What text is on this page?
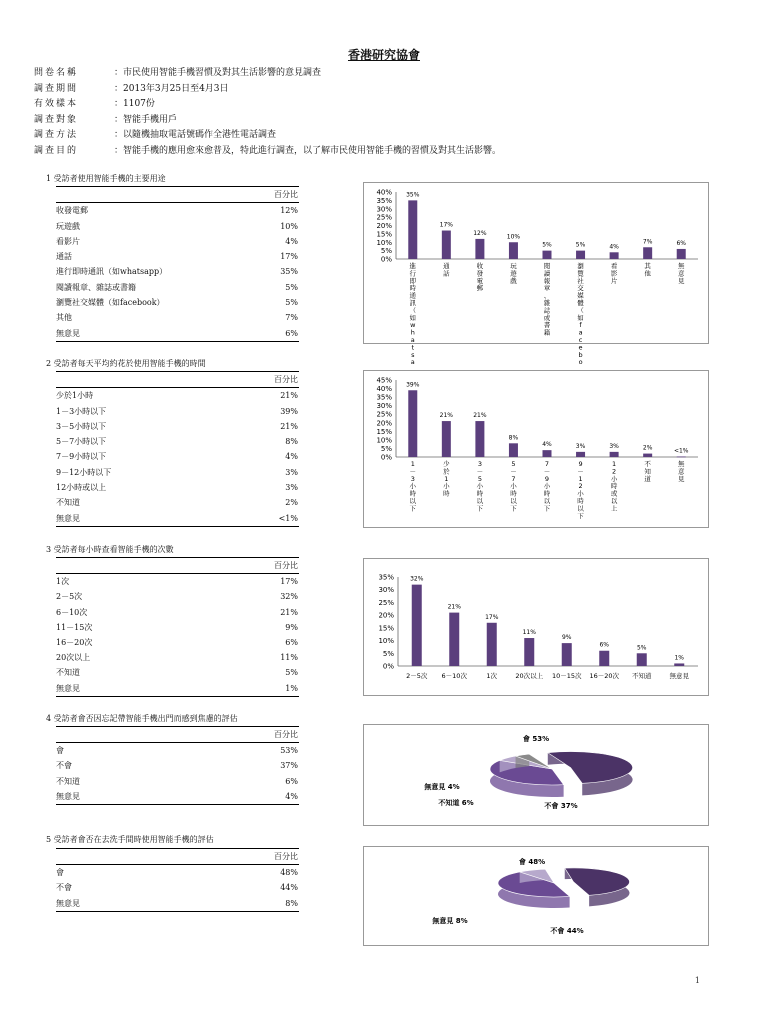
香港研究協會
問卷名稱	：市民使用智能手機習慣及對其生活影響的意見調查
調查期間	：2013年3月25日至4月3日
有效樣本	：1107份
調查對象	：智能手機用戶
調查方法	：以隨機抽取電話號碼作全港性電話調查
調查目的	：智能手機的應用愈來愈普及，特此進行調查，以了解市民使用智能手機的習慣及對其生活影響。
1 受訪者使用智能手機的主要用途
百分比
收發電郵	12%
玩遊戲	10%
看影片	4%
通話	17%
進行即時通訊（如whatsapp）	35%
閱讀報章、雜誌或書籍	5%
瀏覽社交媒體（如facebook）	5%
其他	7%
無意見	6%
0%
5%
10%
15%
20%
25%
30%
35%
40% 35%
進行即時通訊（如 w h a t s a
17%
通話
12%
收發電郵
10%
玩遊戲
5%
閱讀報章、雜誌或書籍
5%
瀏覽社交媒體（如 f a c e b o
4%
看影片
7%
其他
6%
無意見
2 受訪者每天平均約花於使用智能手機的時間
百分比
少於1小時	21%
1－3小時以下	39%
3－5小時以下	21%
5－7小時以下	8%
7－9小時以下	4%
9－12小時以下	3%
12小時或以上	3%
不知道	2%
無意見	<1%
0%
5%
10%
15%
20%
25%
30%
35%
40%
45%
39%
1 － 3 小時以下
21%
少於 1 小時
21%
3 － 5 小時以下
8%
5 － 7 小時以下
4%
7 － 9 小時以下
3%
9 － 1 2 小時以下
3%
1 2 小時或以上
2%
不知道
<1%
無意見
3 受訪者每小時查看智能手機的次數
百分比
1次	17%
2－5次	32%
6－10次	21%
11－15次	9%
16－20次	6%
20次以上	11%
不知道	5%
無意見	1%
0%
5%
10%
15%
20%
25%
30%
35%	32%
2－5次
21%
6－10次
17%
1次
11%
20次以上
9%
10－15次
6%
16－20次
5%
不知道
1%
無意見
4 受訪者會否因忘記帶智能手機出門而感到焦慮的評估
百分比
會	53%
不會	37%
不知道	6%
無意見	4%
會 53%
不會 37%
不知道 6%
無意見 4%
5 受訪者會否在去洗手間時使用智能手機的評估
百分比
會	48%
不會	44%
無意見	8%
會 48%
不會 44%
無意見 8%
1
